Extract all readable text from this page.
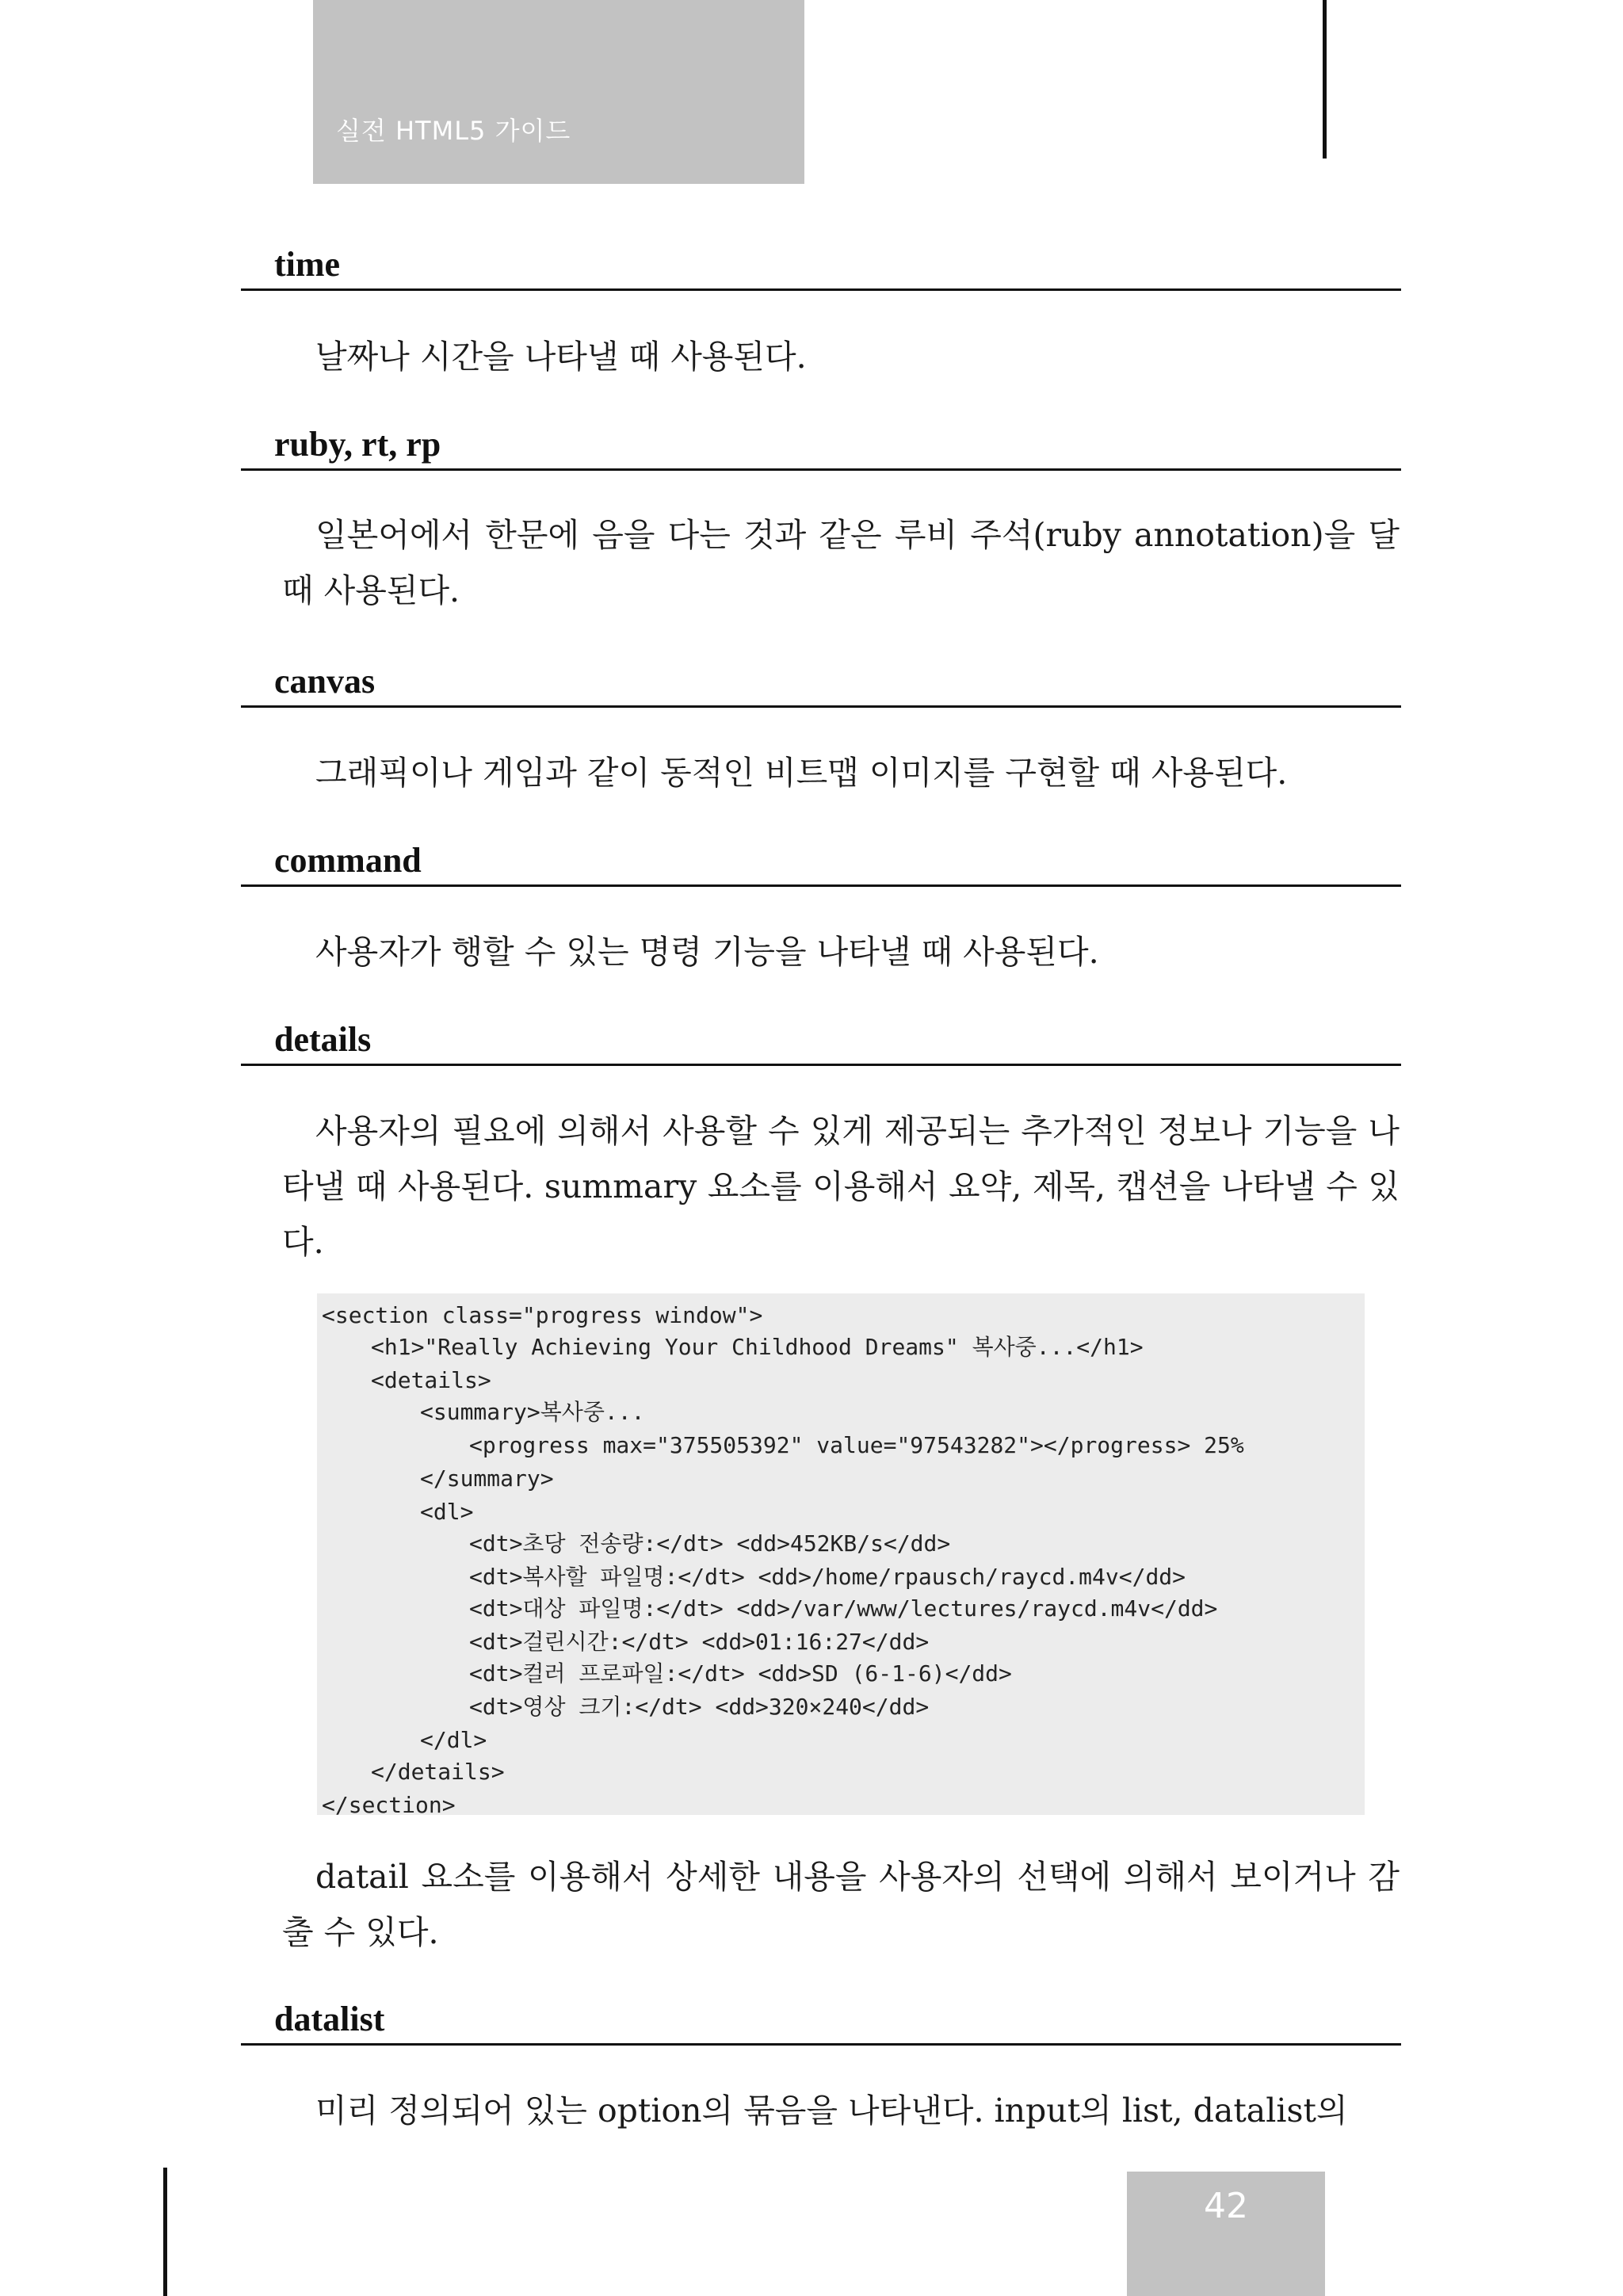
실전 HTML5 가이드
time
날짜나 시간을 나타낼 때 사용된다.
ruby, rt, rp
일본어에서 한문에 음을 다는 것과 같은 루비 주석(ruby annotation)을 달 때 사용된다.
canvas
그래픽이나 게임과 같이 동적인 비트맵 이미지를 구현할 때 사용된다.
command
사용자가 행할 수 있는 명령 기능을 나타낼 때 사용된다.
details
사용자의 필요에 의해서 사용할 수 있게 제공되는 추가적인 정보나 기능을 나타낼 때 사용된다. summary 요소를 이용해서 요약, 제목, 캡션을 나타낼 수 있다.
<section class="progress window">
<h1>"Really Achieving Your Childhood Dreams" 복사중...</h1>
<details>
<summary>복사중...
<progress max="375505392" value="97543282"></progress> 25%
</summary>
<dl>
<dt>초당 전송량:</dt> <dd>452KB/s</dd>
<dt>복사할 파일명:</dt> <dd>/home/rpausch/raycd.m4v</dd>
<dt>대상 파일명:</dt> <dd>/var/www/lectures/raycd.m4v</dd>
<dt>걸린시간:</dt> <dd>01:16:27</dd>
<dt>컬러 프로파일:</dt> <dd>SD (6-1-6)</dd>
<dt>영상 크기:</dt> <dd>320×240</dd>
</dl>
</details>
</section>
datail 요소를 이용해서 상세한 내용을 사용자의 선택에 의해서 보이거나 감출 수 있다.
datalist
미리 정의되어 있는 option의 묶음을 나타낸다. input의 list, datalist의
42
